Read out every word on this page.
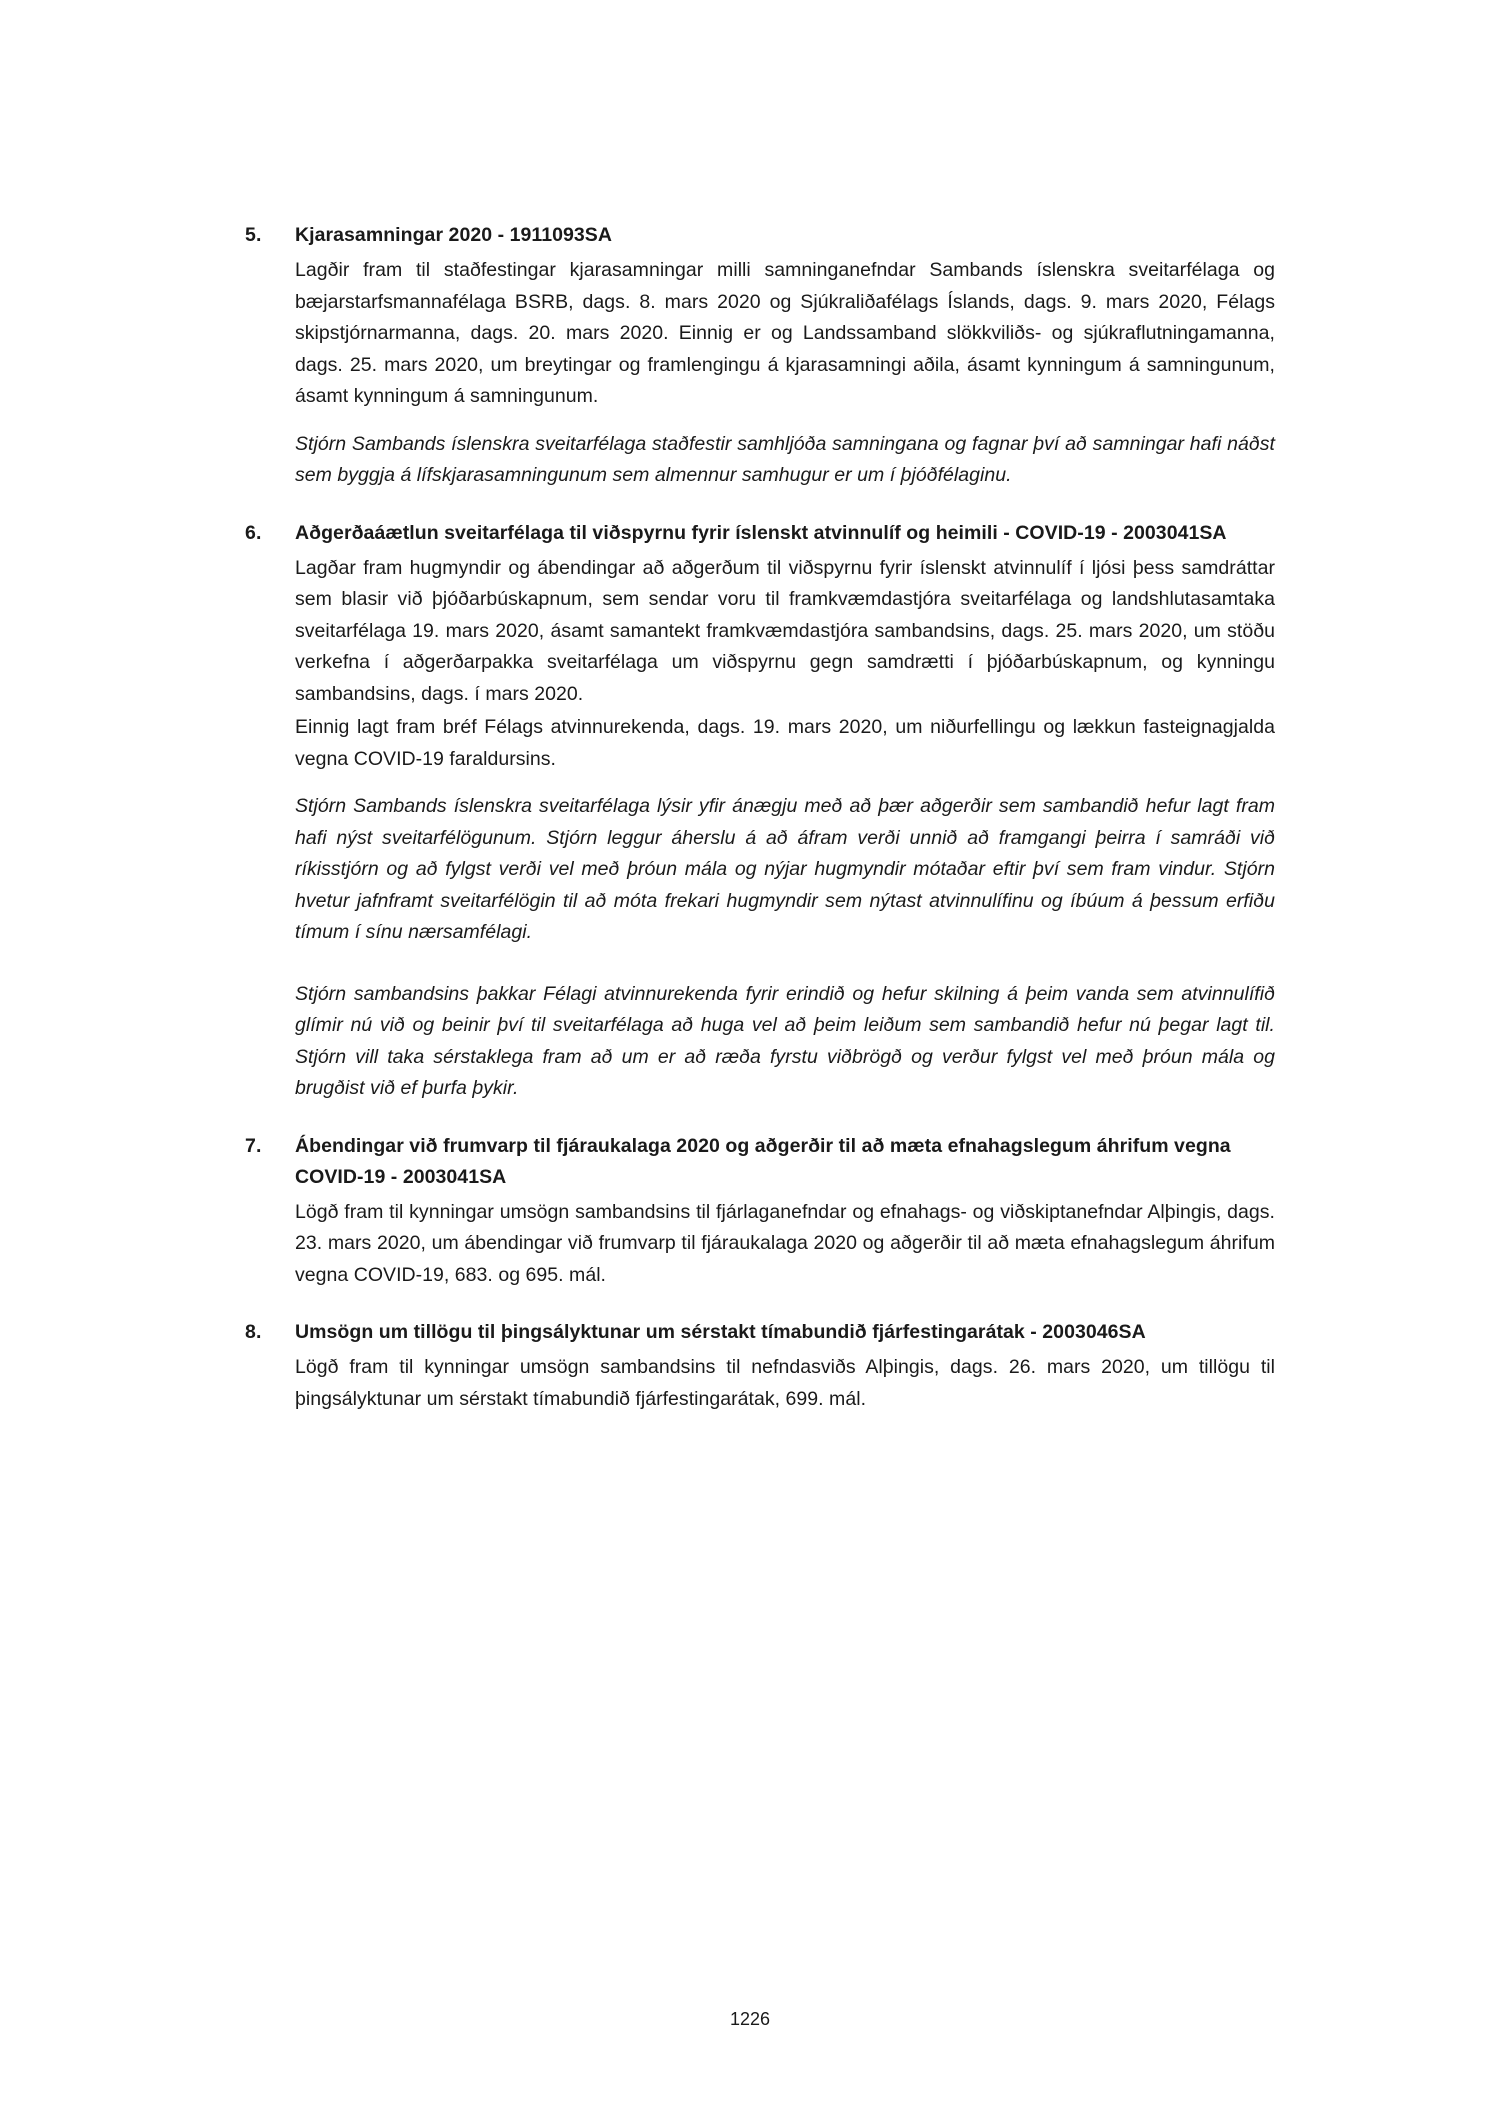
5. Kjarasamningar 2020 - 1911093SA

Lagðir fram til staðfestingar kjarasamningar milli samninganefndar Sambands íslenskra sveitarfélaga og bæjarstarfsmannafélaga BSRB, dags. 8. mars 2020 og Sjúkraliðafélags Íslands, dags. 9. mars 2020, Félags skipstjórnarmanna, dags. 20. mars 2020. Einnig er og Landssamband slökkviliðs- og sjúkraflutningamanna, dags. 25. mars 2020, um breytingar og framlengingu á kjarasamningi aðila, ásamt kynningum á samningunum, ásamt kynningum á samningunum.

Stjórn Sambands íslenskra sveitarfélaga staðfestir samhljóða samningana og fagnar því að samningar hafi náðst sem byggja á lífskjarasamningunum sem almennur samhugur er um í þjóðfélaginu.

6. Aðgerðaáætlun sveitarfélaga til viðspyrnu fyrir íslenskt atvinnulíf og heimili - COVID-19 - 2003041SA

Lagðar fram hugmyndir og ábendingar að aðgerðum til viðspyrnu fyrir íslenskt atvinnulíf í ljósi þess samdráttar sem blasir við þjóðarbúskapnum, sem sendar voru til framkvæmdastjóra sveitarfélaga og landshlutasamtaka sveitarfélaga 19. mars 2020, ásamt samantekt framkvæmdastjóra sambandsins, dags. 25. mars 2020, um stöðu verkefna í aðgerðarpakka sveitarfélaga um viðspyrnu gegn samdrætti í þjóðarbúskapnum, og kynningu sambandsins, dags. í mars 2020.

Einnig lagt fram bréf Félags atvinnurekenda, dags. 19. mars 2020, um niðurfellingu og lækkun fasteignagjalda vegna COVID-19 faraldursins.

Stjórn Sambands íslenskra sveitarfélaga lýsir yfir ánægju með að þær aðgerðir sem sambandið hefur lagt fram hafi nýst sveitarfélögunum. Stjórn leggur áherslu á að áfram verði unnið að framgangi þeirra í samráði við ríkisstjórn og að fylgst verði vel með þróun mála og nýjar hugmyndir mótaðar eftir því sem fram vindur. Stjórn hvetur jafnframt sveitarfélögin til að móta frekari hugmyndir sem nýtast atvinnulífinu og íbúum á þessum erfiðu tímum í sínu nærsamfélagi.

Stjórn sambandsins þakkar Félagi atvinnurekenda fyrir erindið og hefur skilning á þeim vanda sem atvinnulífið glímir nú við og beinir því til sveitarfélaga að huga vel að þeim leiðum sem sambandið hefur nú þegar lagt til. Stjórn vill taka sérstaklega fram að um er að ræða fyrstu viðbrögð og verður fylgst vel með þróun mála og brugðist við ef þurfa þykir.

7. Ábendingar við frumvarp til fjáraukalaga 2020 og aðgerðir til að mæta efnahagslegum áhrifum vegna COVID-19 - 2003041SA

Lögð fram til kynningar umsögn sambandsins til fjárlaganefndar og efnahags- og viðskiptanefndar Alþingis, dags. 23. mars 2020, um ábendingar við frumvarp til fjáraukalaga 2020 og aðgerðir til að mæta efnahagslegum áhrifum vegna COVID-19, 683. og 695. mál.

8. Umsögn um tillögu til þingsályktunar um sérstakt tímabundið fjárfestingarátak - 2003046SA

Lögð fram til kynningar umsögn sambandsins til nefndasviðs Alþingis, dags. 26. mars 2020, um tillögu til þingsályktunar um sérstakt tímabundið fjárfestingarátak, 699. mál.

1226
